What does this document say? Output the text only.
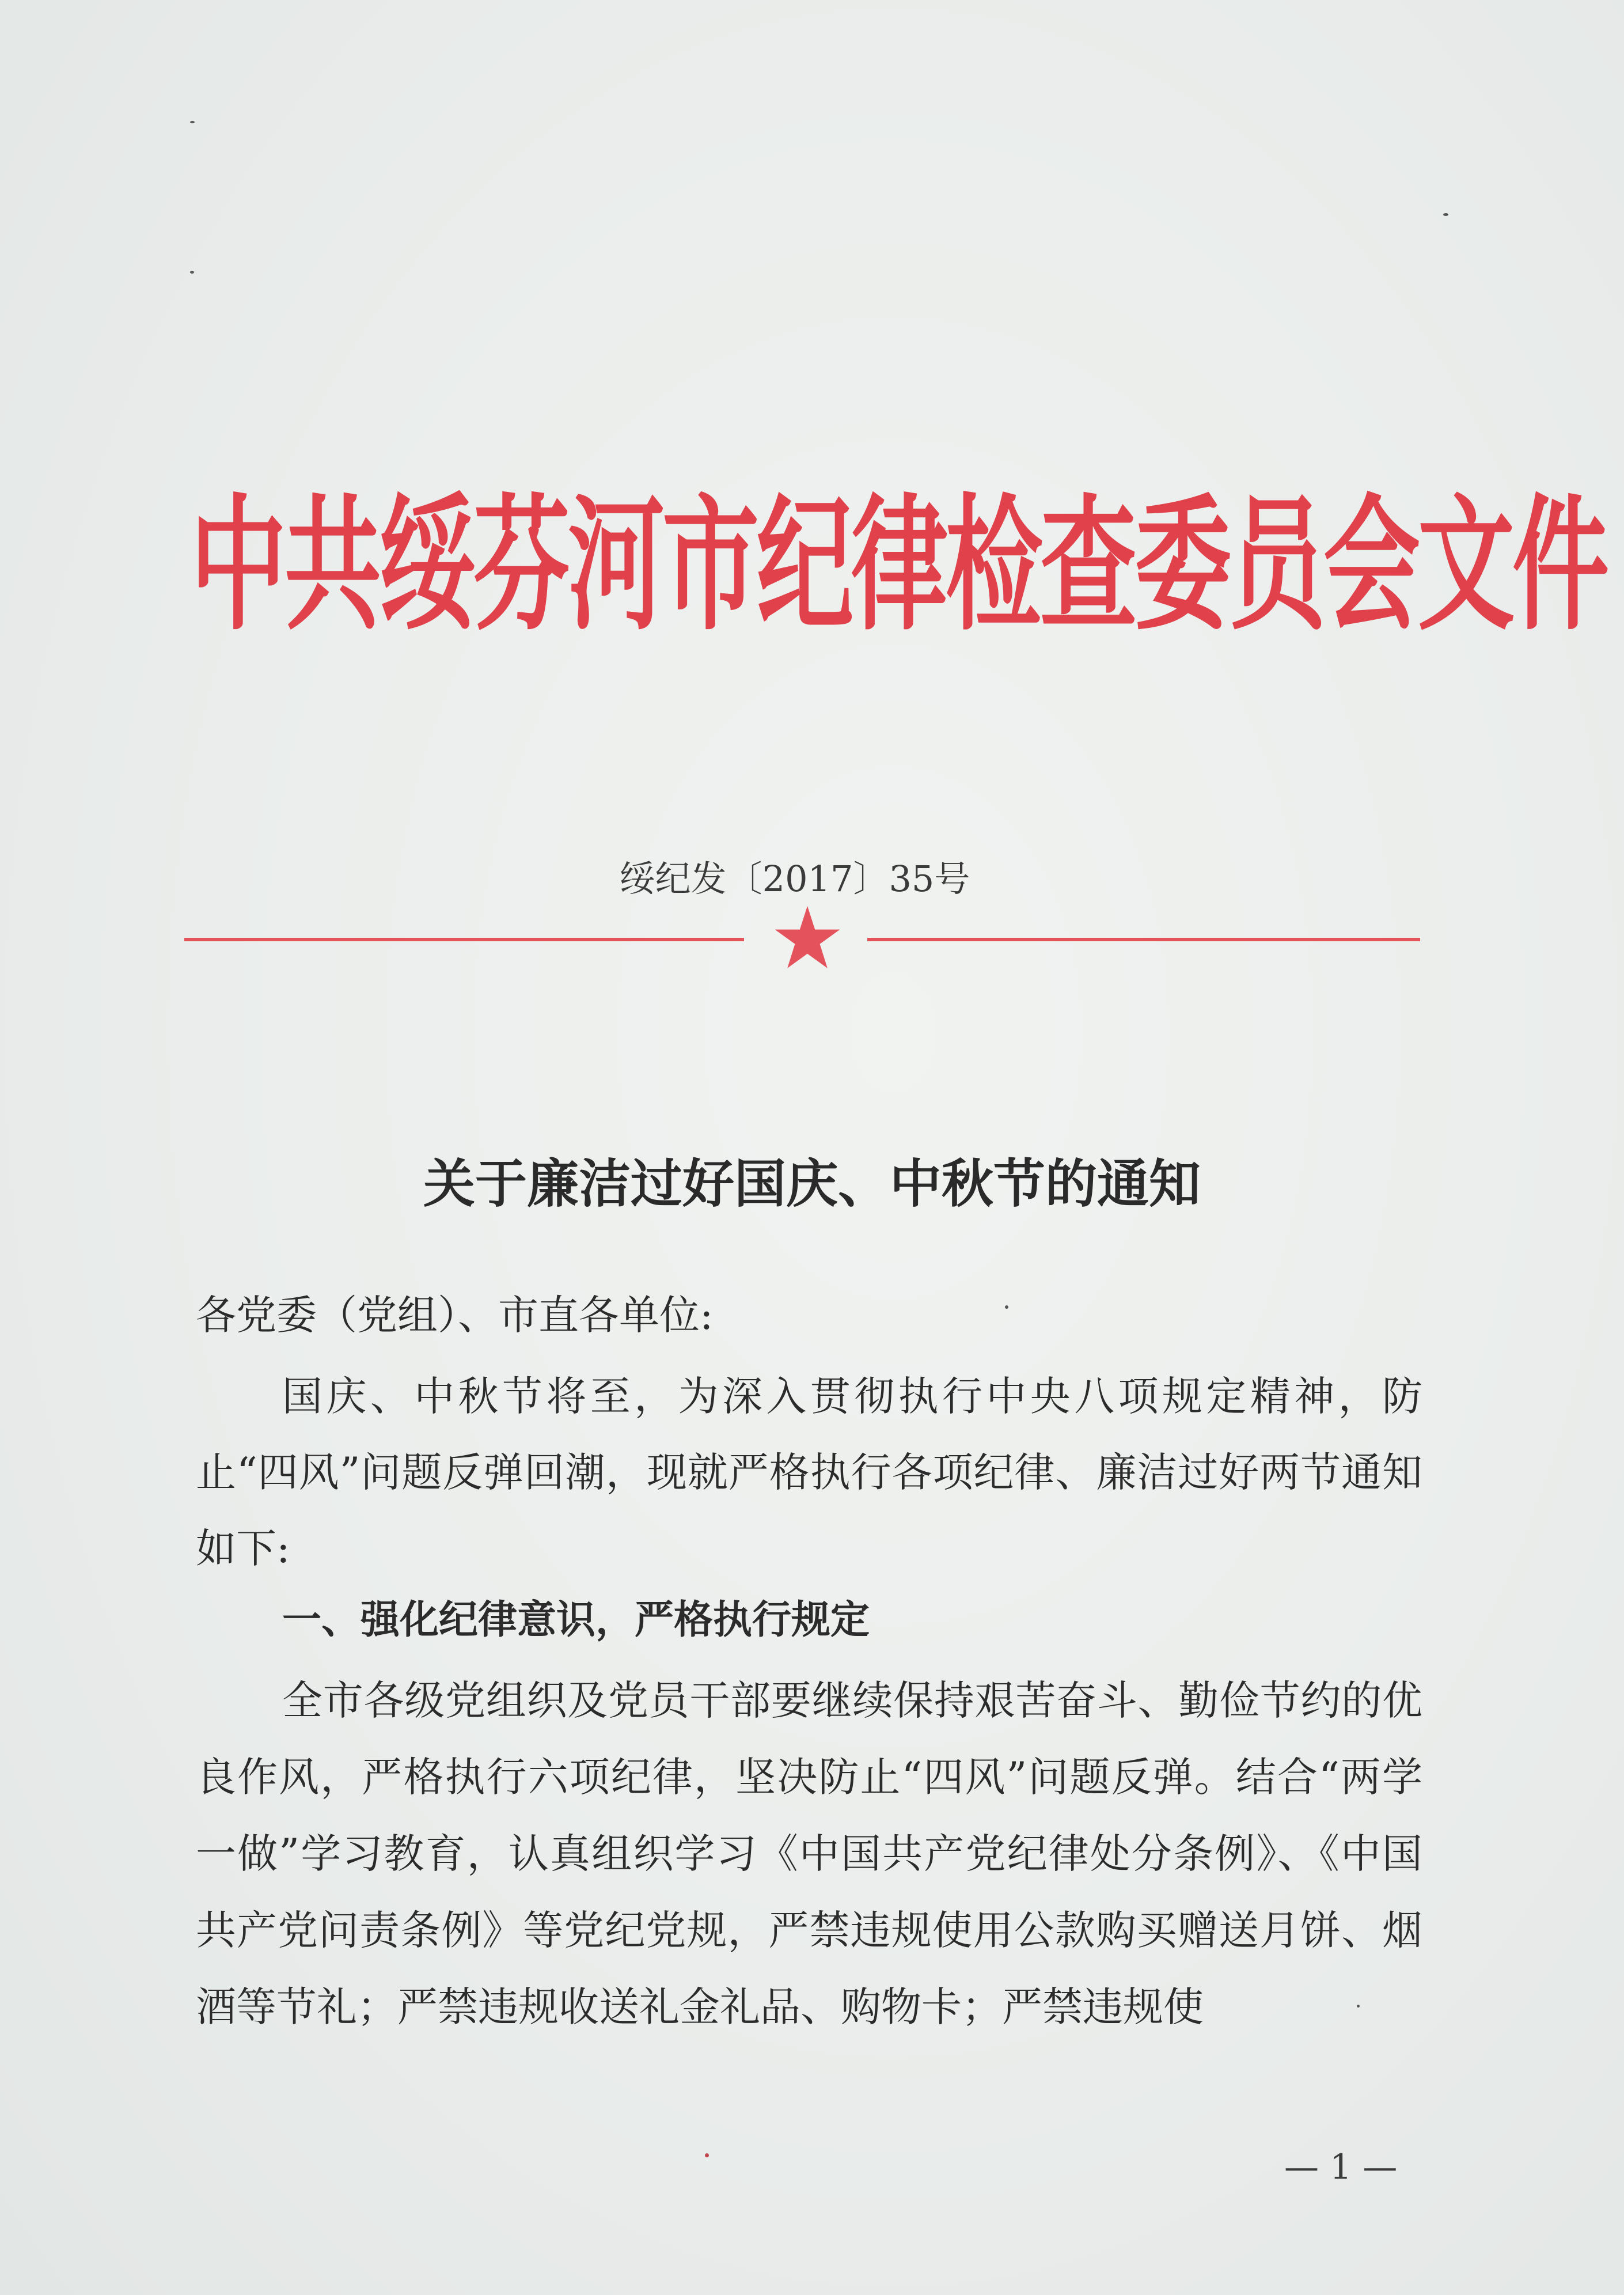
中共绥芬河市纪律检查委员会文件
绥纪发〔2017〕35号
关于廉洁过好国庆、中秋节的通知
各党委（党组）、市直各单位:

国庆、中秋节将至，为深入贯彻执行中央八项规定精神，防止“四风”问题反弹回潮，现就严格执行各项纪律、廉洁过好两节通知如下:

一、强化纪律意识，严格执行规定

全市各级党组织及党员干部要继续保持艰苦奋斗、勤俭节约的优良作风，严格执行六项纪律，坚决防止“四风”问题反弹。结合“两学一做”学习教育，认真组织学习《中国共产党纪律处分条例》、《中国共产党问责条例》等党纪党规，严禁违规使用公款购买赠送月饼、烟酒等节礼；严禁违规收送礼金礼品、购物卡；严禁违规使

— 1 —
